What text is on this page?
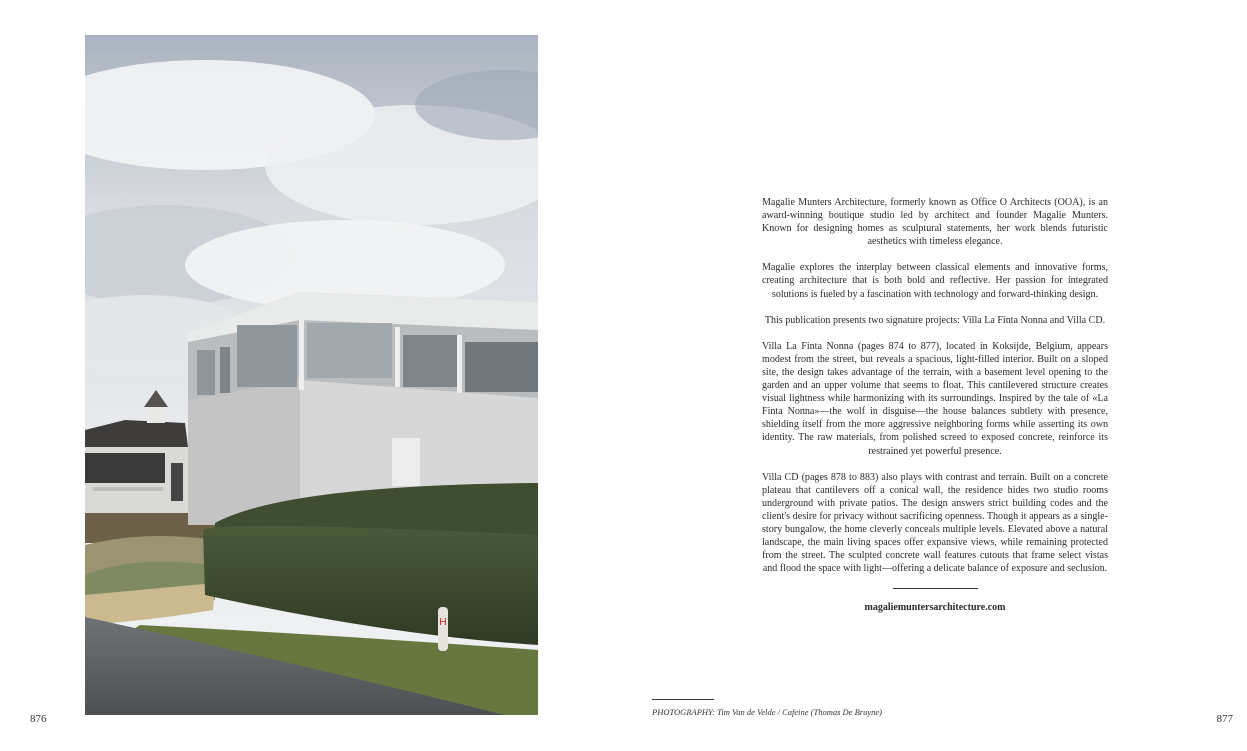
H
876

Magalie Munters Architecture, formerly known as Office O Architects (OOA), is an award-winning boutique studio led by architect and founder Magalie Munters. Known for designing homes as sculptural statements, her work blends futuristic aesthetics with timeless elegance.

Magalie explores the interplay between classical elements and innovative forms, creating architecture that is both bold and reflective. Her passion for integrated solutions is fueled by a fascination with technology and forward-thinking design.

This publication presents two signature projects: Villa La Finta Nonna and Villa CD.

Villa La Finta Nonna (pages 874 to 877), located in Koksijde, Belgium, appears modest from the street, but reveals a spacious, light-filled interior. Built on a sloped site, the design takes advantage of the terrain, with a basement level opening to the garden and an upper volume that seems to float. This cantilevered structure creates visual lightness while harmonizing with its surroundings. Inspired by the tale of «La Finta Nonna»—the wolf in disguise—the house balances subtlety with presence, shielding itself from the more aggressive neighboring forms while asserting its own identity. The raw materials, from polished screed to exposed concrete, reinforce its restrained yet powerful presence.

Villa CD (pages 878 to 883) also plays with contrast and terrain. Built on a concrete plateau that cantilevers off a conical wall, the residence hides two studio rooms underground with private patios. The design answers strict building codes and the client's desire for privacy without sacrificing openness. Though it appears as a single-story bungalow, the home cleverly conceals multiple levels. Elevated above a natural landscape, the main living spaces offer expansive views, while remaining protected from the street. The sculpted concrete wall features cutouts that frame select vistas and flood the space with light—offering a delicate balance of exposure and seclusion.

magaliemuntersarchitecture.com
PHOTOGRAPHY: Tim Van de Velde / Cafeine (Thomas De Bruyne)
877
